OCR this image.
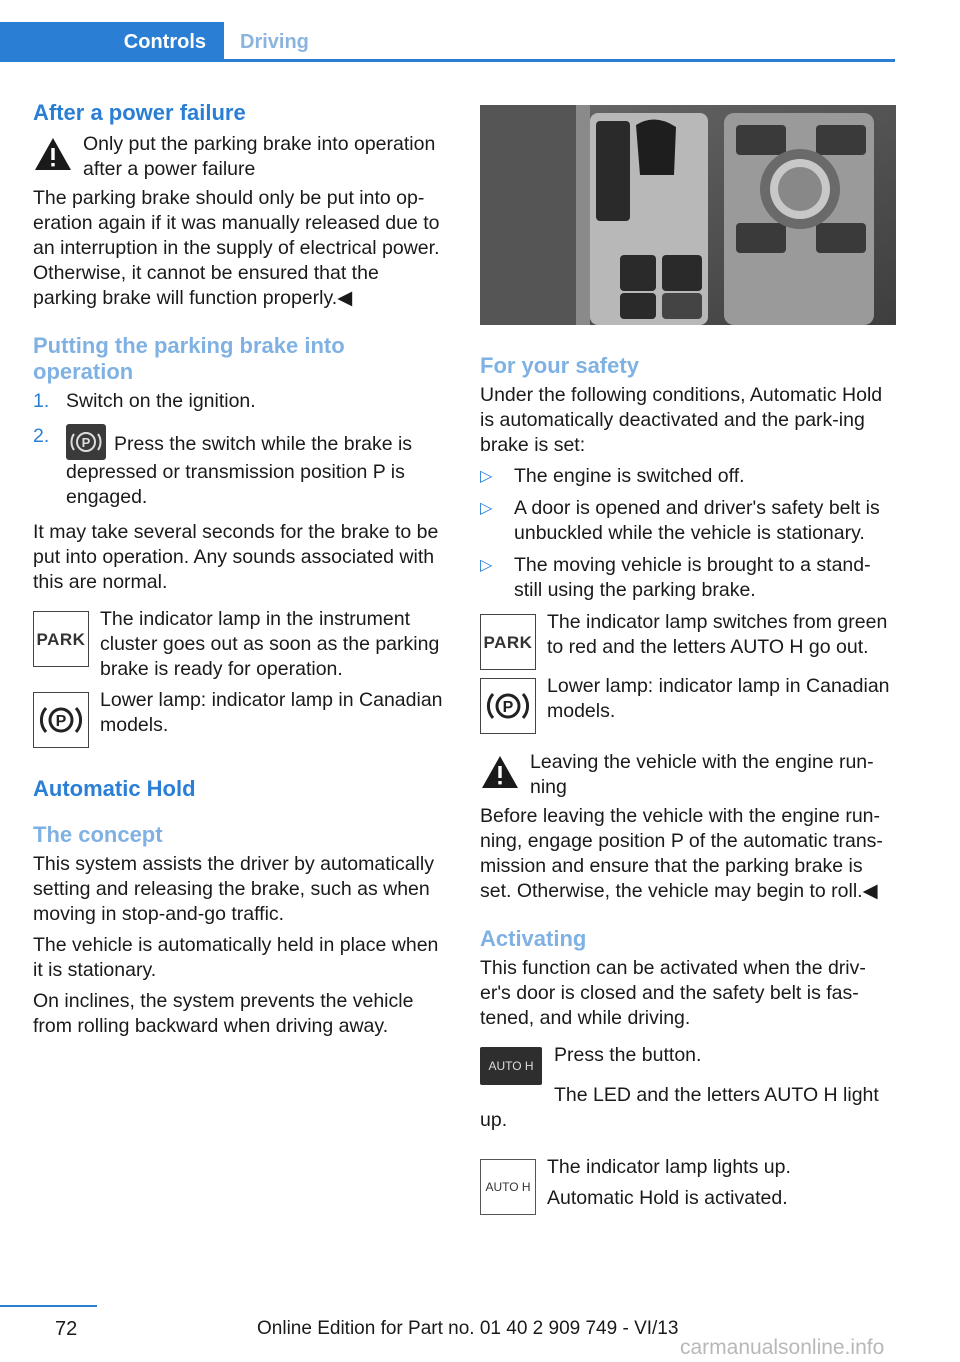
Controls	Driving
After a power failure
Only put the parking brake into operation after a power failure

The parking brake should only be put into op‐eration again if it was manually released due to an interruption in the supply of electrical power. Otherwise, it cannot be ensured that the parking brake will function properly.◀

Putting the parking brake into operation
1. Switch on the ignition.
2. P Press the switch while the brake is depressed or transmission position P is engaged.

It may take several seconds for the brake to be put into operation. Any sounds associated with this are normal.

PARK
The indicator lamp in the instrument cluster goes out as soon as the parking brake is ready for operation.
P
Lower lamp: indicator lamp in Canadian models.
Automatic Hold
The concept

This system assists the driver by automatically setting and releasing the brake, such as when moving in stop-and-go traffic.

The vehicle is automatically held in place when it is stationary.

On inclines, the system prevents the vehicle from rolling backward when driving away.

For your safety

Under the following conditions, Automatic Hold is automatically deactivated and the park‐ing brake is set:

▷ The engine is switched off.
▷ A door is opened and driver's safety belt is unbuckled while the vehicle is stationary.
▷ The moving vehicle is brought to a stand‐still using the parking brake.
PARK
The indicator lamp switches from green to red and the letters AUTO H go out.
P
Lower lamp: indicator lamp in Canadian models.
Leaving the vehicle with the engine run‐ning

Before leaving the vehicle with the engine run‐ning, engage position P of the automatic trans‐mission and ensure that the parking brake is set. Otherwise, the vehicle may begin to roll.◀

Activating

This function can be activated when the driv‐er's door is closed and the safety belt is fas‐tened, and while driving.

AUTO H	Press the button.

The LED and the letters AUTO H light up.

AUTO H

The indicator lamp lights up.

Automatic Hold is activated.

72	Online Edition for Part no. 01 40 2 909 749 - VI/13
carmanualsonline.info
